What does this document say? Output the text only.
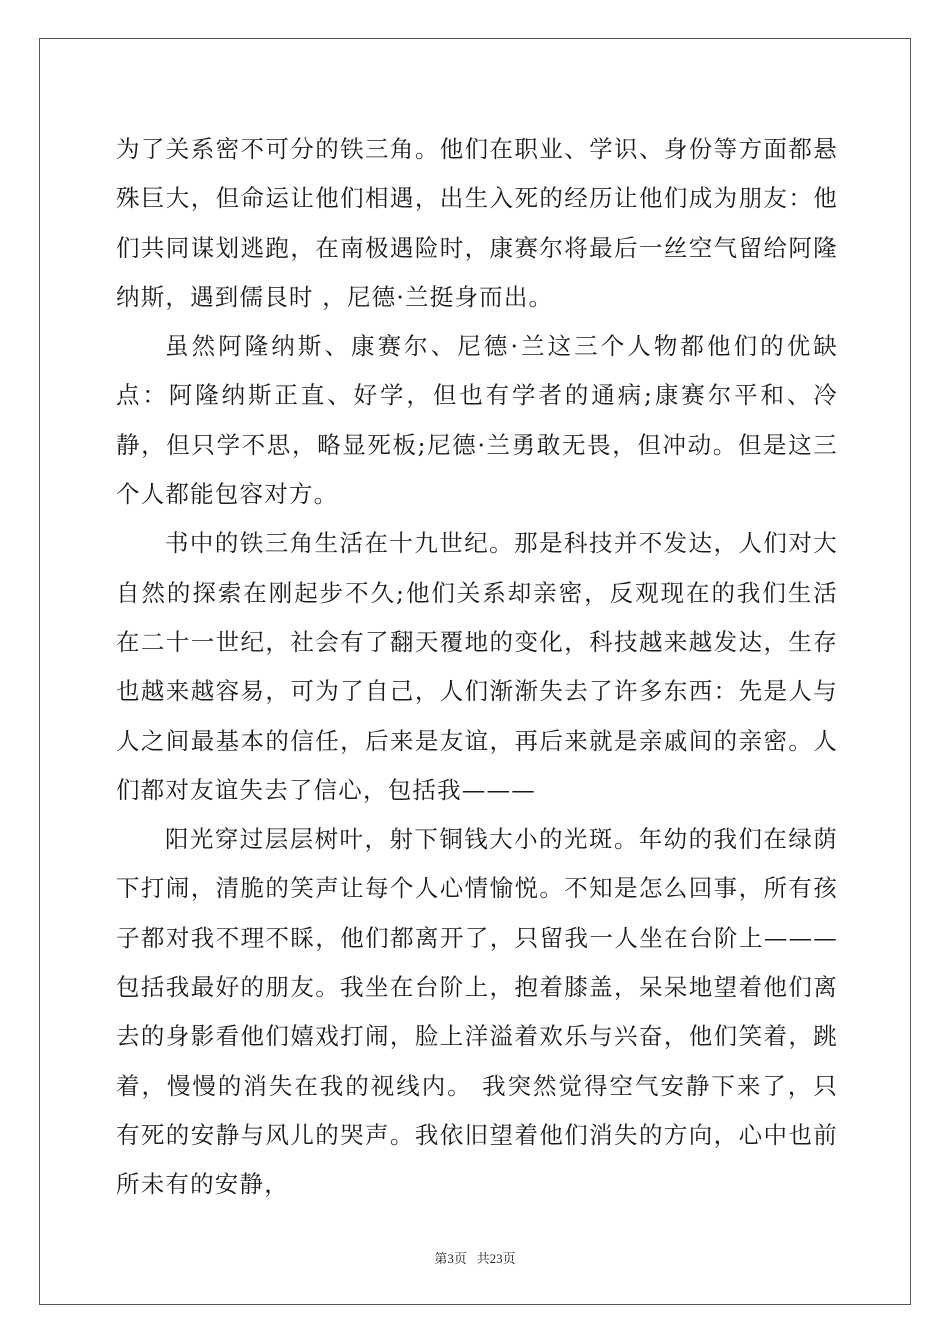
为了关系密不可分的铁三角。他们在职业、学识、身份等方面都悬殊巨大，但命运让他们相遇，出生入死的经历让他们成为朋友：他们共同谋划逃跑，在南极遇险时，康赛尔将最后一丝空气留给阿隆纳斯，遇到儒艮时 ，尼德·兰挺身而出。

虽然阿隆纳斯、康赛尔、尼德·兰这三个人物都他们的优缺点：阿隆纳斯正直、好学，但也有学者的通病;康赛尔平和、冷静，但只学不思，略显死板;尼德·兰勇敢无畏，但冲动。但是这三个人都能包容对方。

书中的铁三角生活在十九世纪。那是科技并不发达，人们对大自然的探索在刚起步不久;他们关系却亲密，反观现在的我们生活在二十一世纪，社会有了翻天覆地的变化，科技越来越发达，生存也越来越容易，可为了自己，人们渐渐失去了许多东西：先是人与人之间最基本的信任，后来是友谊，再后来就是亲戚间的亲密。人们都对友谊失去了信心，包括我———

阳光穿过层层树叶，射下铜钱大小的光斑。年幼的我们在绿荫下打闹，清脆的笑声让每个人心情愉悦。不知是怎么回事，所有孩子都对我不理不睬，他们都离开了，只留我一人坐在台阶上———包括我最好的朋友。我坐在台阶上，抱着膝盖，呆呆地望着他们离去的身影看他们嬉戏打闹，脸上洋溢着欢乐与兴奋，他们笑着，跳着，慢慢的消失在我的视线内。 我突然觉得空气安静下来了，只有死的安静与风儿的哭声。我依旧望着他们消失的方向，心中也前所未有的安静，

第3页 共23页
